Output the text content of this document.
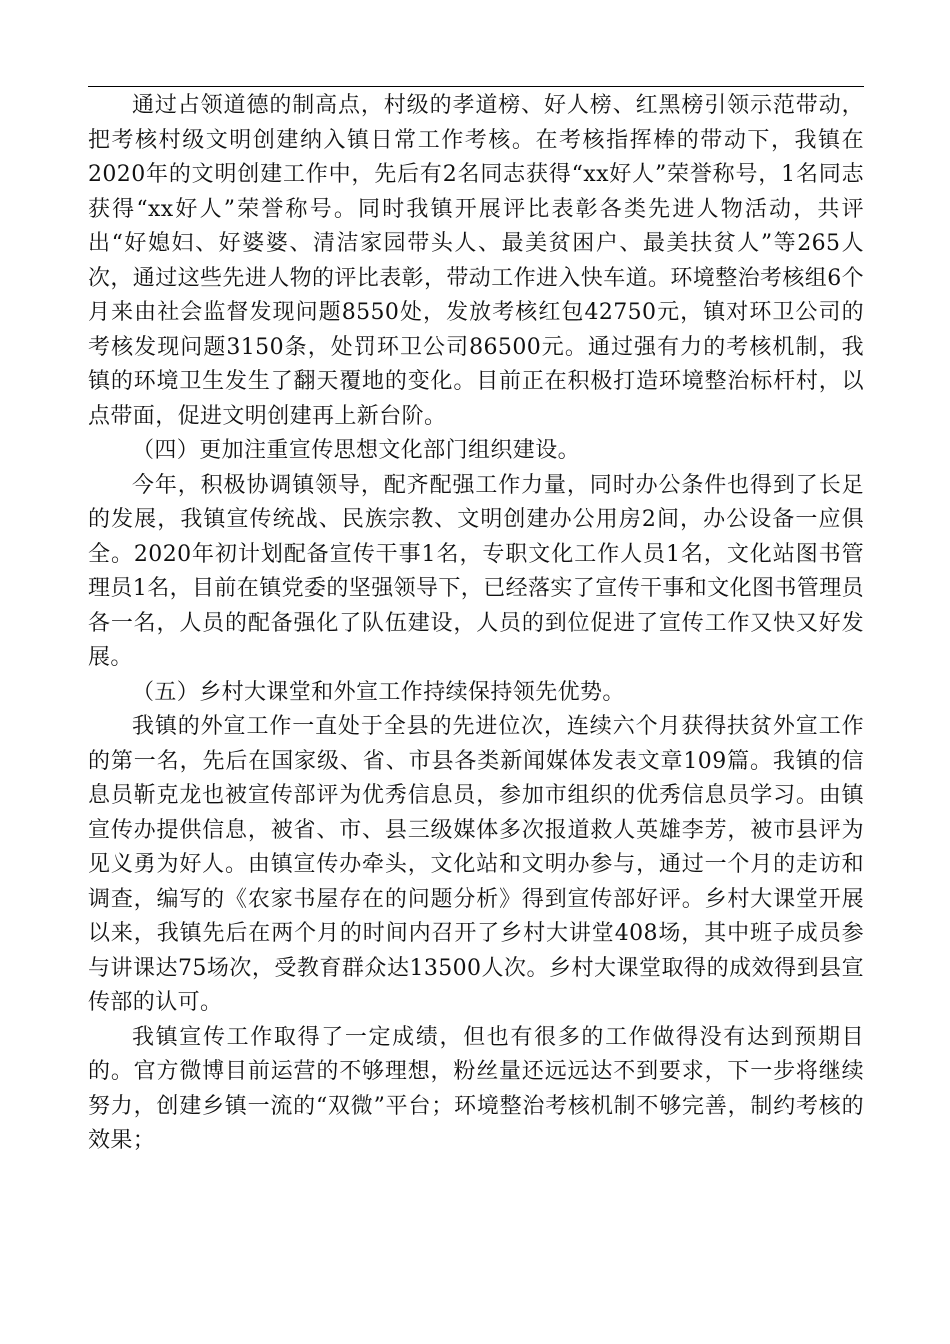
通过占领道德的制高点，村级的孝道榜、好人榜、红黑榜引领示范带动，把考核村级文明创建纳入镇日常工作考核。在考核指挥棒的带动下，我镇在2020年的文明创建工作中，先后有2名同志获得“xx好人”荣誉称号，1名同志获得“xx好人”荣誉称号。同时我镇开展评比表彰各类先进人物活动，共评出“好媳妇、好婆婆、清洁家园带头人、最美贫困户、最美扶贫人”等265人次，通过这些先进人物的评比表彰，带动工作进入快车道。环境整治考核组6个月来由社会监督发现问题8550处，发放考核红包42750元，镇对环卫公司的考核发现问题3150条，处罚环卫公司86500元。通过强有力的考核机制，我镇的环境卫生发生了翻天覆地的变化。目前正在积极打造环境整治标杆村，以点带面，促进文明创建再上新台阶。

（四）更加注重宣传思想文化部门组织建设。

今年，积极协调镇领导，配齐配强工作力量，同时办公条件也得到了长足的发展，我镇宣传统战、民族宗教、文明创建办公用房2间，办公设备一应俱全。2020年初计划配备宣传干事1名，专职文化工作人员1名，文化站图书管理员1名，目前在镇党委的坚强领导下，已经落实了宣传干事和文化图书管理员各一名，人员的配备强化了队伍建设，人员的到位促进了宣传工作又快又好发展。

（五）乡村大课堂和外宣工作持续保持领先优势。

我镇的外宣工作一直处于全县的先进位次，连续六个月获得扶贫外宣工作的第一名，先后在国家级、省、市县各类新闻媒体发表文章109篇。我镇的信息员靳克龙也被宣传部评为优秀信息员，参加市组织的优秀信息员学习。由镇宣传办提供信息，被省、市、县三级媒体多次报道救人英雄李芳，被市县评为见义勇为好人。由镇宣传办牵头，文化站和文明办参与，通过一个月的走访和调查，编写的《农家书屋存在的问题分析》得到宣传部好评。乡村大课堂开展以来，我镇先后在两个月的时间内召开了乡村大讲堂408场，其中班子成员参与讲课达75场次，受教育群众达13500人次。乡村大课堂取得的成效得到县宣传部的认可。

我镇宣传工作取得了一定成绩，但也有很多的工作做得没有达到预期目的。官方微博目前运营的不够理想，粉丝量还远远达不到要求，下一步将继续努力，创建乡镇一流的“双微”平台；环境整治考核机制不够完善，制约考核的效果；
